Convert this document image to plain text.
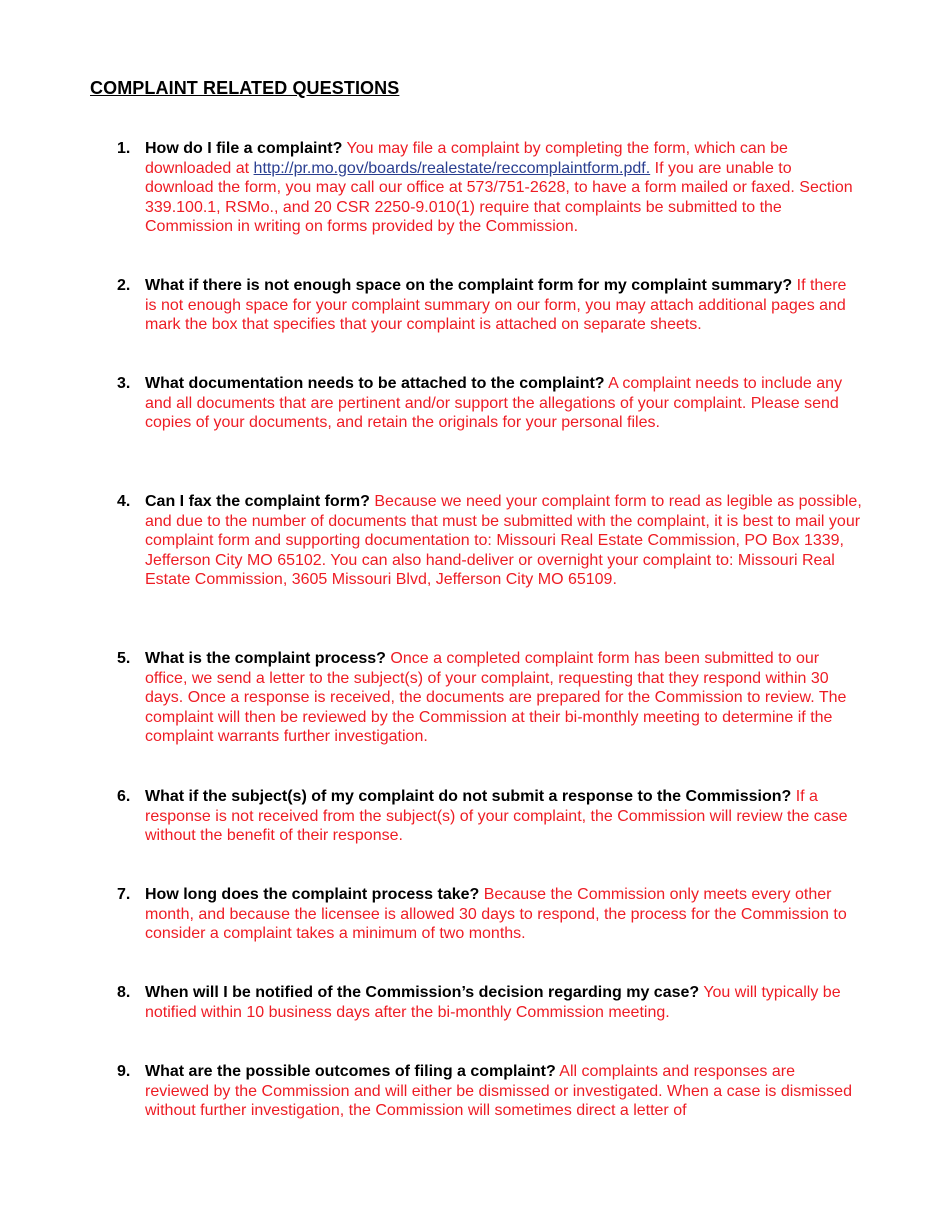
COMPLAINT RELATED QUESTIONS
1. How do I file a complaint? You may file a complaint by completing the form, which can be downloaded at http://pr.mo.gov/boards/realestate/reccomplaintform.pdf. If you are unable to download the form, you may call our office at 573/751-2628, to have a form mailed or faxed. Section 339.100.1, RSMo., and 20 CSR 2250-9.010(1) require that complaints be submitted to the Commission in writing on forms provided by the Commission.
2. What if there is not enough space on the complaint form for my complaint summary? If there is not enough space for your complaint summary on our form, you may attach additional pages and mark the box that specifies that your complaint is attached on separate sheets.
3. What documentation needs to be attached to the complaint? A complaint needs to include any and all documents that are pertinent and/or support the allegations of your complaint. Please send copies of your documents, and retain the originals for your personal files.
4. Can I fax the complaint form? Because we need your complaint form to read as legible as possible, and due to the number of documents that must be submitted with the complaint, it is best to mail your complaint form and supporting documentation to: Missouri Real Estate Commission, PO Box 1339, Jefferson City MO 65102. You can also hand-deliver or overnight your complaint to: Missouri Real Estate Commission, 3605 Missouri Blvd, Jefferson City MO 65109.
5. What is the complaint process? Once a completed complaint form has been submitted to our office, we send a letter to the subject(s) of your complaint, requesting that they respond within 30 days. Once a response is received, the documents are prepared for the Commission to review. The complaint will then be reviewed by the Commission at their bi-monthly meeting to determine if the complaint warrants further investigation.
6. What if the subject(s) of my complaint do not submit a response to the Commission? If a response is not received from the subject(s) of your complaint, the Commission will review the case without the benefit of their response.
7. How long does the complaint process take? Because the Commission only meets every other month, and because the licensee is allowed 30 days to respond, the process for the Commission to consider a complaint takes a minimum of two months.
8. When will I be notified of the Commission’s decision regarding my case? You will typically be notified within 10 business days after the bi-monthly Commission meeting.
9. What are the possible outcomes of filing a complaint? All complaints and responses are reviewed by the Commission and will either be dismissed or investigated. When a case is dismissed without further investigation, the Commission will sometimes direct a letter of
